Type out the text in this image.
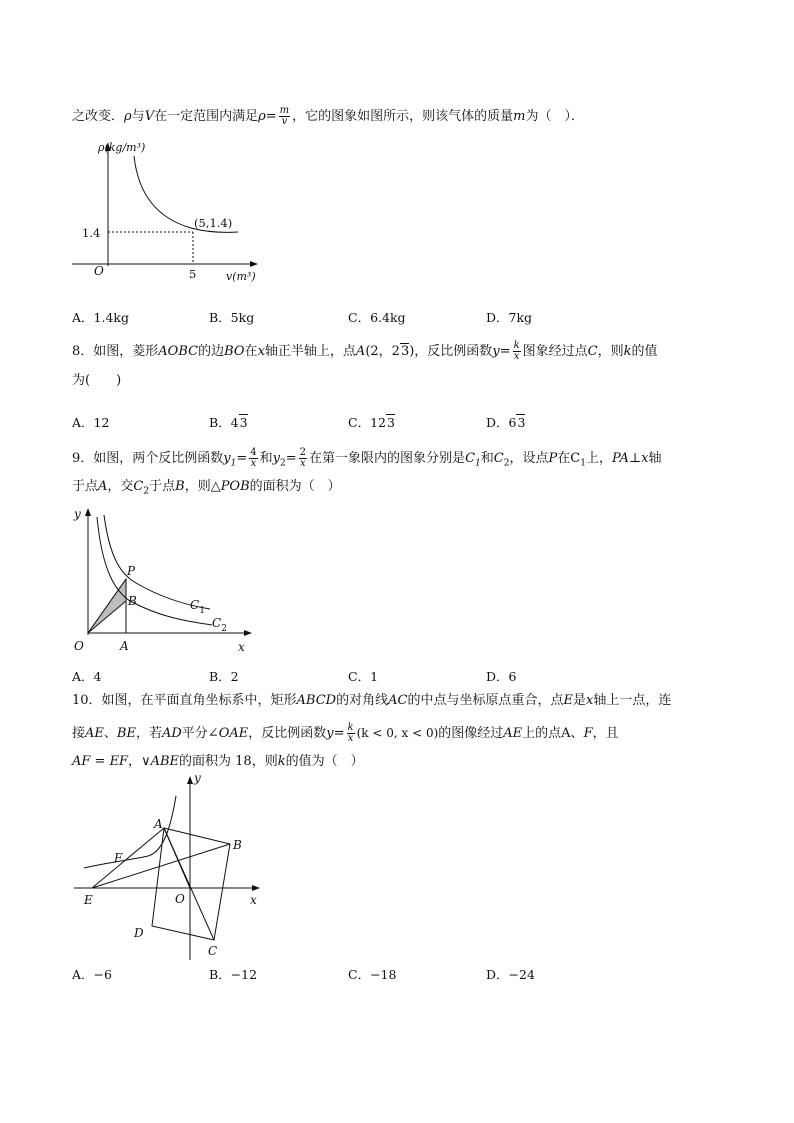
之改变．ρ与V在一定范围内满足$\rho= \frac{m}{v}$ ，它的图象如图所示，则该气体的质量m为（　）．
ρ(kg/m³)
v(m³)
O
1.4
5
(5,1.4)
A．1.4kg	B．5kg	C．6.4kg	D．7kg
8．如图，菱形AOBC的边BO在x轴正半轴上，点A(2，23)，反比例函数$y= \frac{k}{x}$ 图象经过点C，则k的值
为(　　)
A．12	B．43	C．123	D．63
9．如图，两个反比例函数$y_1= \frac{4}{x}$ 和$y_2= \frac{2}{x}$ 在第一象限内的图象分别是$C_1$和$C_2$，设点P在$C_1$上，PA⊥x轴
于点A，交$C_2$于点B，则△POB的面积为（　）
y
x
O	A
B
P
$C_1$
$C_2$
A．4	B．2	C．1	D．6
10．如图，在平面直角坐标系中，矩形ABCD的对角线AC的中点与坐标原点重合，点E是x轴上一点，连
接AE、BE，若AD平分∠OAE，反比例函数$y= \frac{k}{x} (k < 0$, x < 0)的图像经过AE上的点A、F，且
AF = EF，∨ABE的面积为 18，则k的值为（　）
y
x
O
A
B
C
D
E
F
A．−6	B．−12	C．−18	D．−24
